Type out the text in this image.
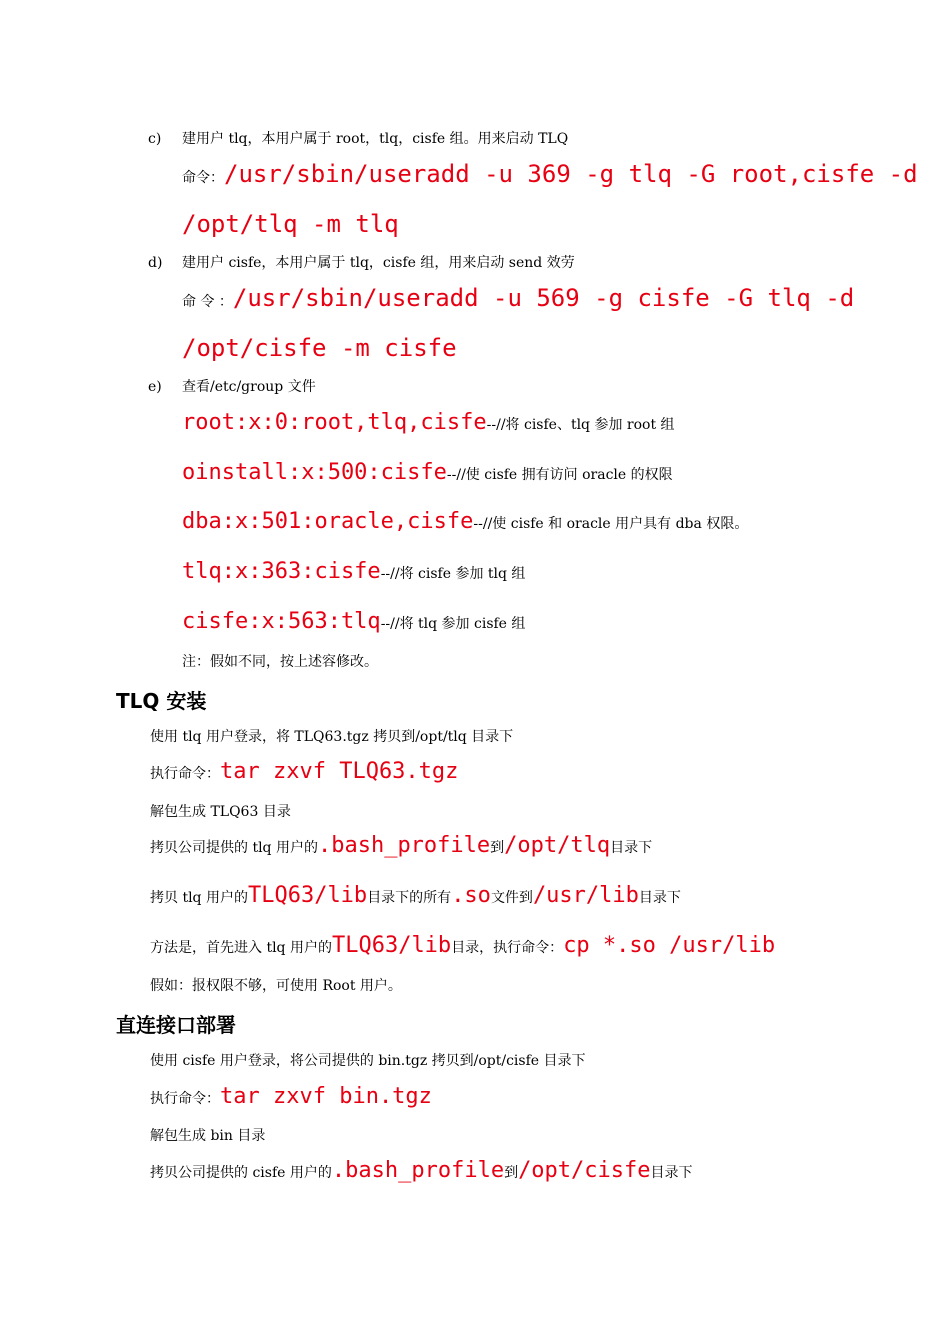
c) 建用户 tlq，本用户属于 root，tlq，cisfe 组。用来启动 TLQ
命令：/usr/sbin/useradd -u 369 -g tlq -G root,cisfe -d
/opt/tlq -m tlq
d) 建用户 cisfe，本用户属于 tlq，cisfe 组，用来启动 send 效劳
命 令 ：/usr/sbin/useradd -u 569 -g cisfe -G tlq -d
/opt/cisfe -m cisfe
e) 查看/etc/group 文件
root:x:0:root,tlq,cisfe--//将 cisfe、tlq 参加 root 组
oinstall:x:500:cisfe--//使 cisfe 拥有访问 oracle 的权限
dba:x:501:oracle,cisfe--//使 cisfe 和 oracle 用户具有 dba 权限。
tlq:x:363:cisfe--//将 cisfe 参加 tlq 组
cisfe:x:563:tlq--//将 tlq 参加 cisfe 组
注：假如不同，按上述容修改。
TLQ 安装
使用 tlq 用户登录，将 TLQ63.tgz 拷贝到/opt/tlq 目录下
执行命令：tar zxvf TLQ63.tgz
解包生成 TLQ63 目录
拷贝公司提供的 tlq 用户的.bash_profile到/opt/tlq目录下
拷贝 tlq 用户的TLQ63/lib目录下的所有.so文件到/usr/lib目录下
方法是，首先进入 tlq 用户的TLQ63/lib目录，执行命令：cp *.so /usr/lib
假如：报权限不够，可使用 Root 用户。
直连接口部署
使用 cisfe 用户登录，将公司提供的 bin.tgz 拷贝到/opt/cisfe 目录下
执行命令：tar zxvf bin.tgz
解包生成 bin 目录
拷贝公司提供的 cisfe 用户的.bash_profile到/opt/cisfe目录下
